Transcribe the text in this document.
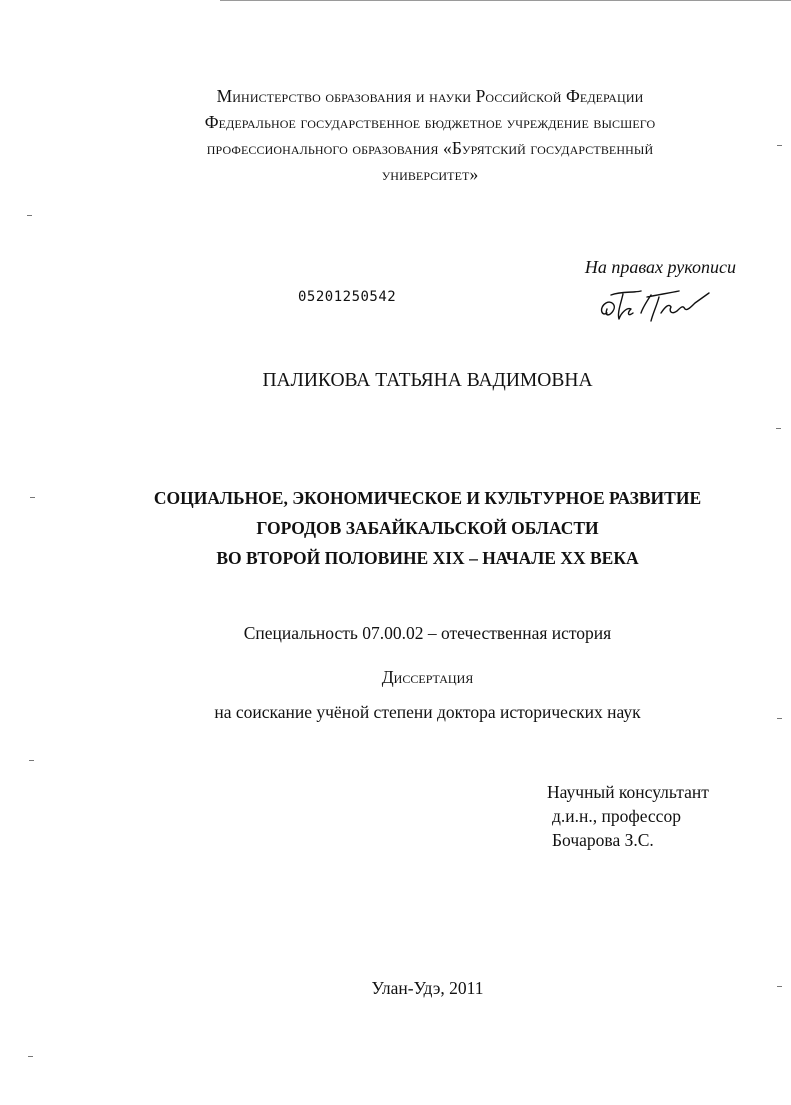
Министерство образования и науки Российской Федерации
Федеральное государственное бюджетное учреждение высшего
профессионального образования «Бурятский государственный
университет»
На правах рукописи
05201250542
ПАЛИКОВА ТАТЬЯНА ВАДИМОВНА
СОЦИАЛЬНОЕ, ЭКОНОМИЧЕСКОЕ И КУЛЬТУРНОЕ РАЗВИТИЕ
ГОРОДОВ ЗАБАЙКАЛЬСКОЙ ОБЛАСТИ
ВО ВТОРОЙ ПОЛОВИНЕ XIX – НАЧАЛЕ XX ВЕКА
Специальность 07.00.02 – отечественная история
Диссертация
на соискание учёной степени доктора исторических наук
Научный консультант
д.и.н., профессор
Бочарова З.С.
Улан-Удэ, 2011
